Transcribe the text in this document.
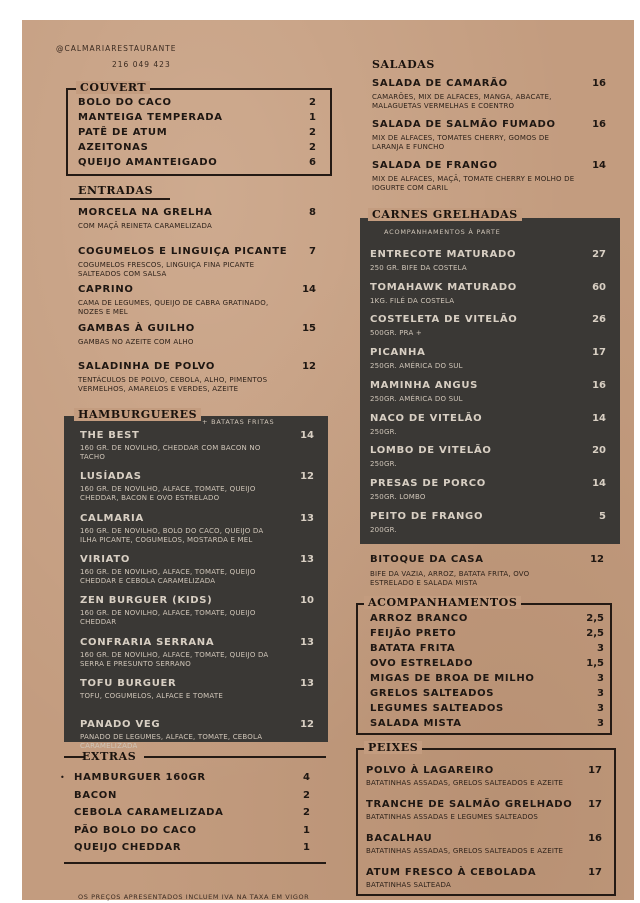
@CALMARIARESTAURANTE
216 049 423
COUVERT
BOLO DO CACO	2
MANTEIGA TEMPERADA	1
PATÊ DE ATUM	2
AZEITONAS	2
QUEIJO AMANTEIGADO	6
ENTRADAS
MORCELA NA GRELHA	8
COM MAÇÃ REINETA CARAMELIZADA
COGUMELOS E LINGUIÇA PICANTE	7
COGUMELOS FRESCOS, LINGUIÇA FINA PICANTE SALTEADOS COM SALSA
CAPRINO	14
CAMA DE LEGUMES, QUEIJO DE CABRA GRATINADO, NOZES E MEL
GAMBAS À GUILHO	15
GAMBAS NO AZEITE COM ALHO
SALADINHA DE POLVO	12
TENTÁCULOS DE POLVO, CEBOLA, ALHO, PIMENTOS VERMELHOS, AMARELOS E VERDES, AZEITE
HAMBURGUERES
+ BATATAS FRITAS
THE BEST	14
160 GR. DE NOVILHO, CHEDDAR COM BACON NO TACHO
LUSÍADAS	12
160 GR. DE NOVILHO, ALFACE, TOMATE, QUEIJO CHEDDAR, BACON E OVO ESTRELADO
CALMARIA	13
160 GR. DE NOVILHO, BOLO DO CACO, QUEIJO DA ILHA PICANTE, COGUMELOS, MOSTARDA E MEL
VIRIATO	13
160 GR. DE NOVILHO, ALFACE, TOMATE, QUEIJO CHEDDAR E CEBOLA CARAMELIZADA
ZEN BURGUER (KIDS)	10
160 GR. DE NOVILHO, ALFACE, TOMATE, QUEIJO CHEDDAR
CONFRARIA SERRANA	13
160 GR. DE NOVILHO, ALFACE, TOMATE, QUEIJO DA SERRA E PRESUNTO SERRANO
TOFU BURGUER	13
TOFU, COGUMELOS, ALFACE E TOMATE
PANADO VEG	12
PANADO DE LEGUMES, ALFACE, TOMATE, CEBOLA CARAMELIZADA
EXTRAS
• HAMBURGUER 160GR	4
BACON	2
CEBOLA CARAMELIZADA	2
PÃO BOLO DO CACO	1
QUEIJO CHEDDAR	1
OS PREÇOS APRESENTADOS INCLUEM IVA NA TAXA EM VIGOR
SALADAS
SALADA DE CAMARÃO	16
CAMARÕES, MIX DE ALFACES, MANGA, ABACATE, MALAGUETAS VERMELHAS E COENTRO
SALADA DE SALMÃO FUMADO	16
MIX DE ALFACES, TOMATES CHERRY, GOMOS DE LARANJA E FUNCHO
SALADA DE FRANGO	14
MIX DE ALFACES, MAÇÃ, TOMATE CHERRY E MOLHO DE IOGURTE COM CARIL
CARNES GRELHADAS
ACOMPANHAMENTOS À PARTE
ENTRECOTE MATURADO	27
250 GR. BIFE DA COSTELA
TOMAHAWK MATURADO	60
1KG. FILÉ DA COSTELA
COSTELETA DE VITELÃO	26
500GR. PRA +
PICANHA	17
250GR. AMÉRICA DO SUL
MAMINHA ANGUS	16
250GR. AMÉRICA DO SUL
NACO DE VITELÃO	14
250GR.
LOMBO DE VITELÃO	20
250GR.
PRESAS DE PORCO	14
250GR. LOMBO
PEITO DE FRANGO	5
200GR.
BITOQUE DA CASA	12
BIFE DA VAZIA, ARROZ, BATATA FRITA, OVO ESTRELADO E SALADA MISTA
ACOMPANHAMENTOS
ARROZ BRANCO	2,5
FEIJÃO PRETO	2,5
BATATA FRITA	3
OVO ESTRELADO	1,5
MIGAS DE BROA DE MILHO	3
GRELOS SALTEADOS	3
LEGUMES SALTEADOS	3
SALADA MISTA	3
PEIXES
POLVO À LAGAREIRO	17
BATATINHAS ASSADAS, GRELOS SALTEADOS E AZEITE
TRANCHE DE SALMÃO GRELHADO	17
BATATINHAS ASSADAS E LEGUMES SALTEADOS
BACALHAU	16
BATATINHAS ASSADAS, GRELOS SALTEADOS E AZEITE
ATUM FRESCO À CEBOLADA	17
BATATINHAS SALTEADA
